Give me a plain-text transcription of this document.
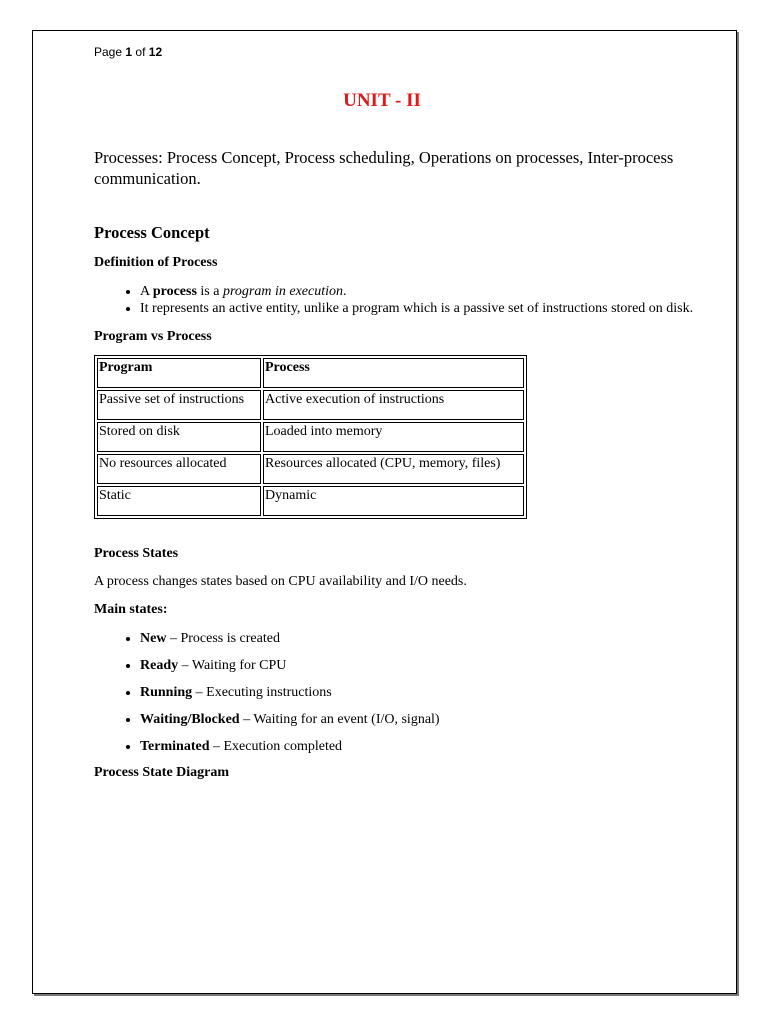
Page 1 of 12

UNIT - II

Processes: Process Concept, Process scheduling, Operations on processes, Inter-process communication.

Process Concept
Definition of Process
• A process is a program in execution.
• It represents an active entity, unlike a program which is a passive set of instructions stored on disk.
Program vs Process
Program	Process
Passive set of instructions	Active execution of instructions
Stored on disk	Loaded into memory
No resources allocated	Resources allocated (CPU, memory, files)
Static	Dynamic
Process States

A process changes states based on CPU availability and I/O needs.

Main states:
• New – Process is created
• Ready – Waiting for CPU
• Running – Executing instructions
• Waiting/Blocked – Waiting for an event (I/O, signal)
• Terminated – Execution completed
Process State Diagram
